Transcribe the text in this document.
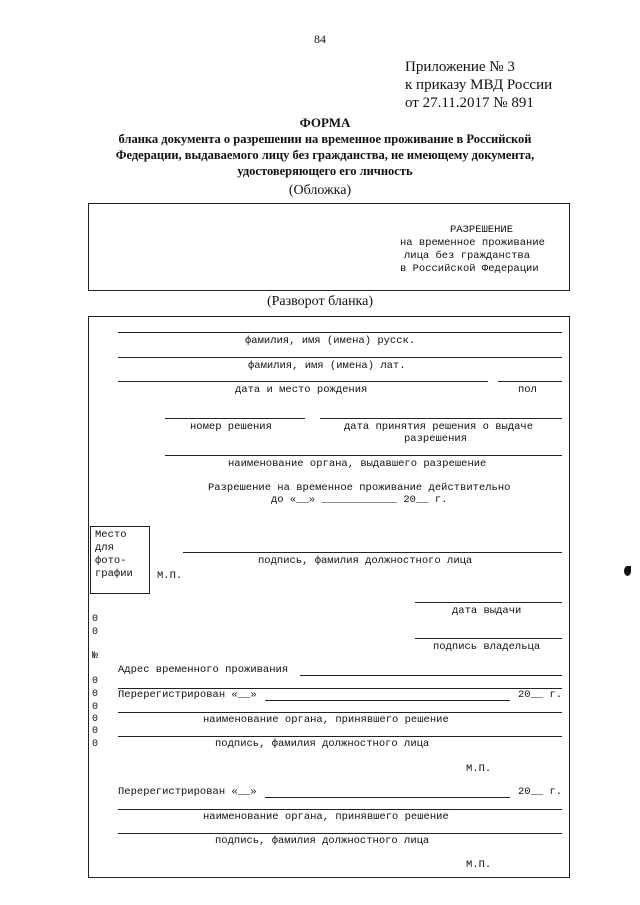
84
Приложение № 3
к приказу МВД России
от 27.11.2017 № 891
ФОРМА
бланка документа о разрешении на временное проживание в Российской
Федерации, выдаваемого лицу без гражданства, не имеющему документа,
удостоверяющего его личность
(Обложка)
РАЗРЕШЕНИЕ
на временное проживание
лица без гражданства
в Российской Федерации
(Разворот бланка)
фамилия, имя (имена) русск.
фамилия, имя (имена) лат.
дата и место рождения	пол
номер решения	дата принятия решения о выдаче
разрешения
наименование органа, выдавшего разрешение
Разрешение на временное проживание действительно
до «__» ____________ 20__ г.
Место
для
фото-
графии	М.П.
подпись, фамилия должностного лица
дата выдачи
подпись владельца
Адрес временного проживания
Перерегистрирован «__»	20__ г.
наименование органа, принявшего решение
подпись, фамилия должностного лица
М.П.
Перерегистрирован «__»	20__ г.
наименование органа, принявшего решение
подпись, фамилия должностного лица
М.П.
0
0
№
0
0
0
0
0
0
